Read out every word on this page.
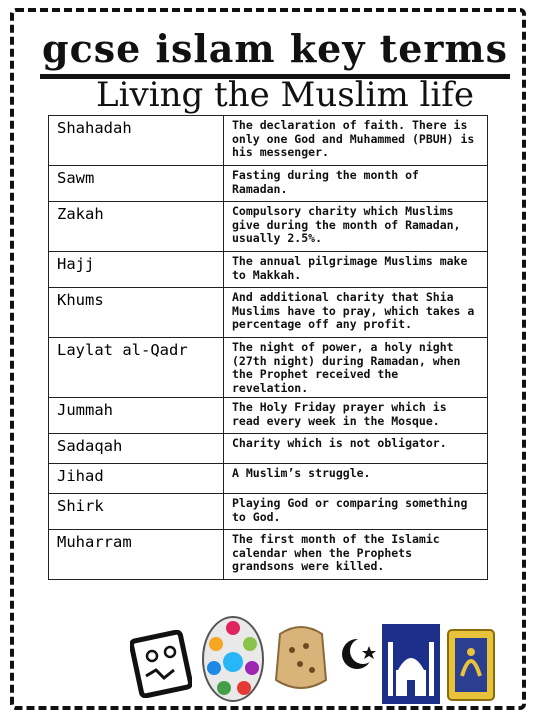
gcse islam key terms
Living the Muslim life
Shahadah	The declaration of faith. There is only one God and Muhammed (PBUH) is his messenger.
Sawm	Fasting during the month of Ramadan.
Zakah	Compulsory charity which Muslims give during the month of Ramadan, usually 2.5%.
Hajj	The annual pilgrimage Muslims make to Makkah.
Khums	And additional charity that Shia Muslims have to pray, which takes a percentage off any profit.
Laylat al-Qadr	The night of power, a holy night (27th night) during Ramadan, when the Prophet received the revelation.
Jummah	The Holy Friday prayer which is read every week in the Mosque.
Sadaqah	Charity which is not obligator.
Jihad	A Muslim’s struggle.
Shirk	Playing God or comparing something to God.
Muharram	The first month of the Islamic calendar when the Prophets grandsons were killed.
